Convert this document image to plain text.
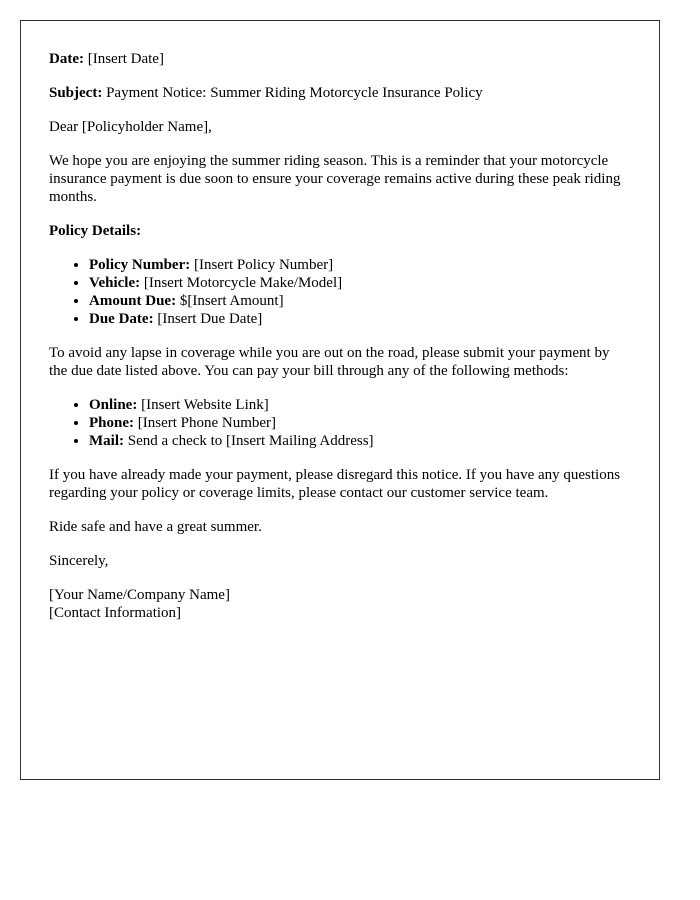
Date: [Insert Date]

Subject: Payment Notice: Summer Riding Motorcycle Insurance Policy

Dear [Policyholder Name],

We hope you are enjoying the summer riding season. This is a reminder that your motorcycle insurance payment is due soon to ensure your coverage remains active during these peak riding months.

Policy Details:

• Policy Number: [Insert Policy Number]
• Vehicle: [Insert Motorcycle Make/Model]
• Amount Due: $[Insert Amount]
• Due Date: [Insert Due Date]

To avoid any lapse in coverage while you are out on the road, please submit your payment by the due date listed above. You can pay your bill through any of the following methods:

• Online: [Insert Website Link]
• Phone: [Insert Phone Number]
• Mail: Send a check to [Insert Mailing Address]

If you have already made your payment, please disregard this notice. If you have any questions regarding your policy or coverage limits, please contact our customer service team.

Ride safe and have a great summer.

Sincerely,

[Your Name/Company Name]
[Contact Information]
